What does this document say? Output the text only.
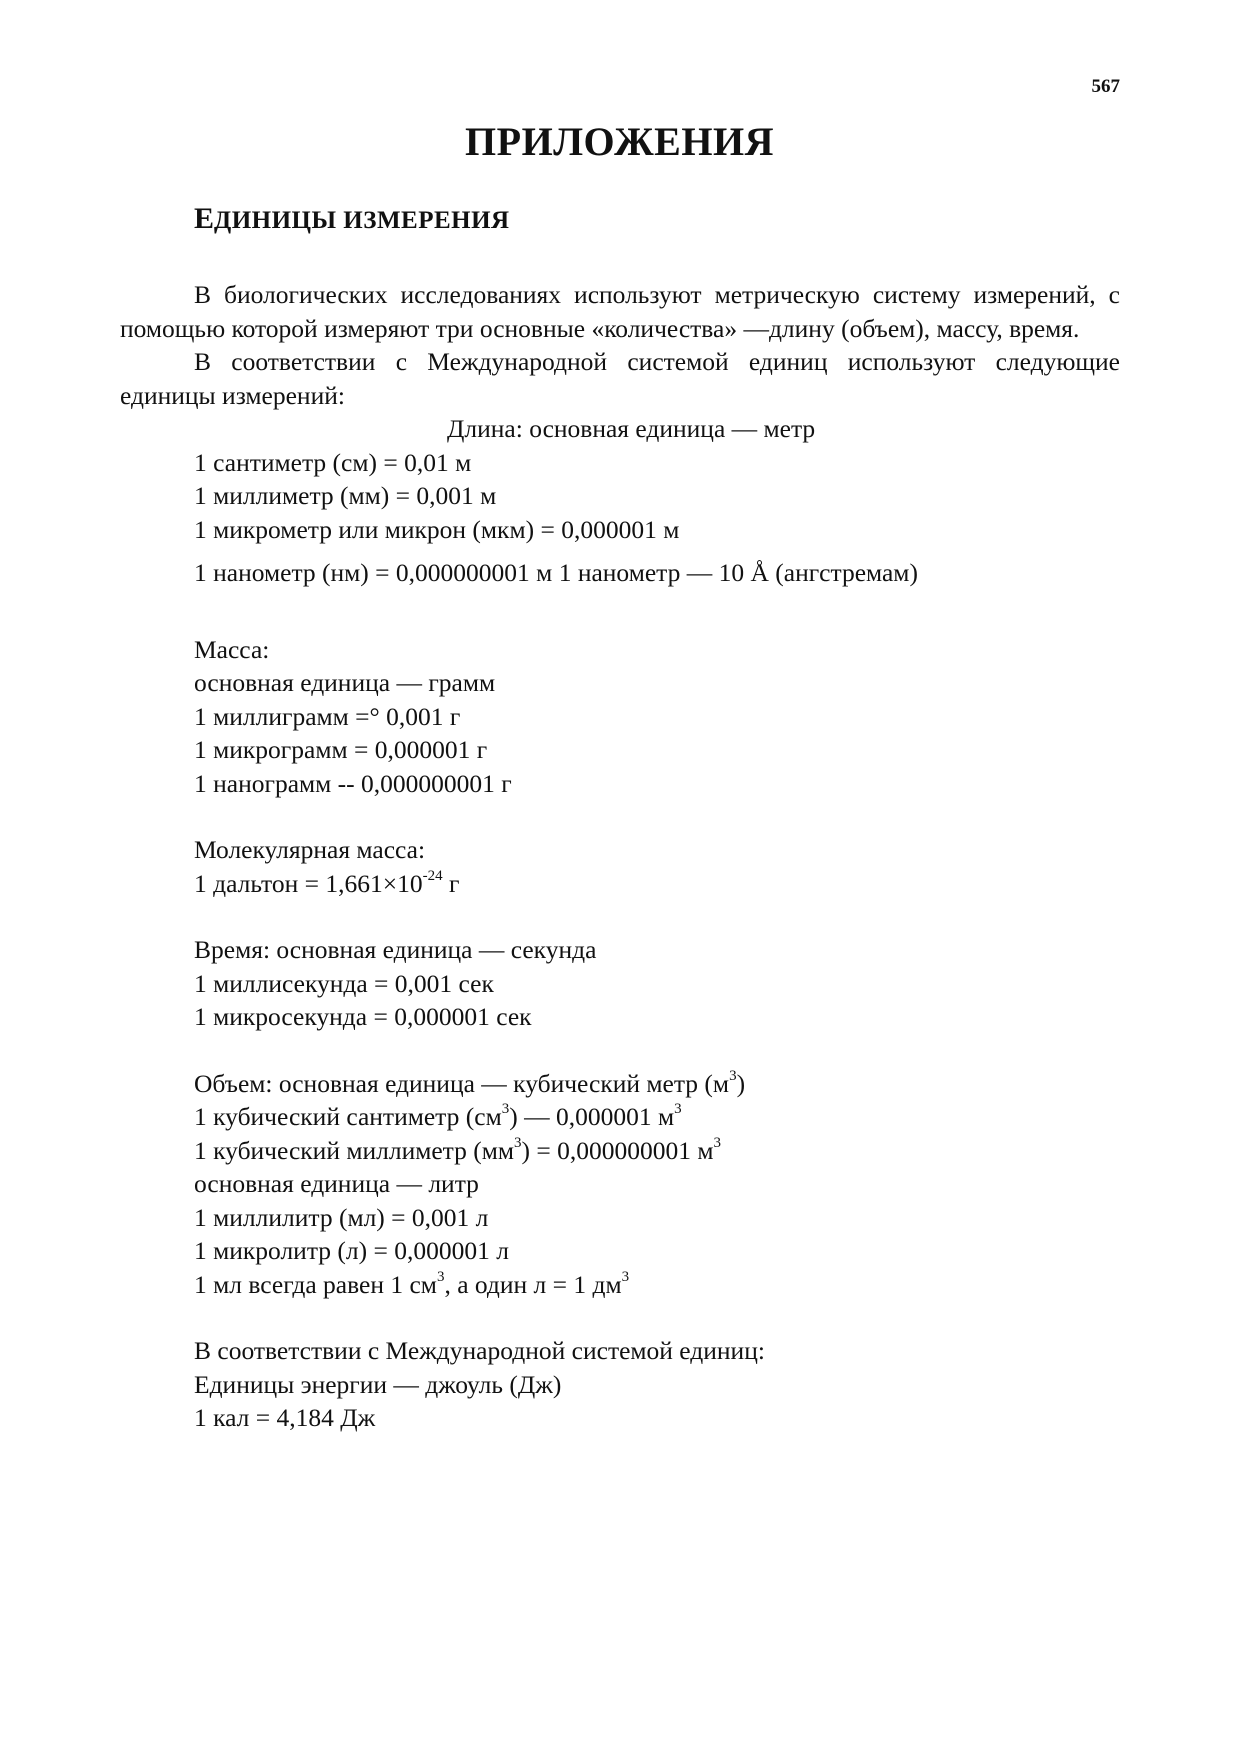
567
ПРИЛОЖЕНИЯ
ЕДИНИЦЫ ИЗМЕРЕНИЯ

В биологических исследованиях используют метрическую систему измерений, с помощью которой измеряют три основные «количества» —длину (объем), массу, время.

В соответствии с Международной системой единиц используют следующие единицы измерений:

Длина: основная единица — метр

1 сантиметр (см) = 0,01 м

1 миллиметр (мм) = 0,001 м

1 микрометр или микрон (мкм) = 0,000001 м

1 нанометр (нм) = 0,000000001 м 1 нанометр — 10 Å (ангстремам)

Масса:

основная единица — грамм

1 миллиграмм =° 0,001 г

1 микрограмм = 0,000001 г

1 нанограмм -- 0,000000001 г

Молекулярная масса:

1 дальтон = $1,661\times 10^{-24}$ г

Время: основная единица — секунда

1 миллисекунда = 0,001 сек

1 микросекунда = 0,000001 сек

Объем: основная единица — кубический метр $(м^3)$

1 кубический сантиметр $(см^3)$ — 0,000001 $м^3$

1 кубический миллиметр $(мм^3) = 0,000000001$ $м^3$

основная единица — литр

1 миллилитр (мл) = 0,001 л

1 микролитр (л) = 0,000001 л

1 мл всегда равен 1 $см^3$, а один л = 1 $дм^3$

В соответствии с Международной системой единиц:

Единицы энергии — джоуль (Дж)

1 кал = 4,184 Дж
